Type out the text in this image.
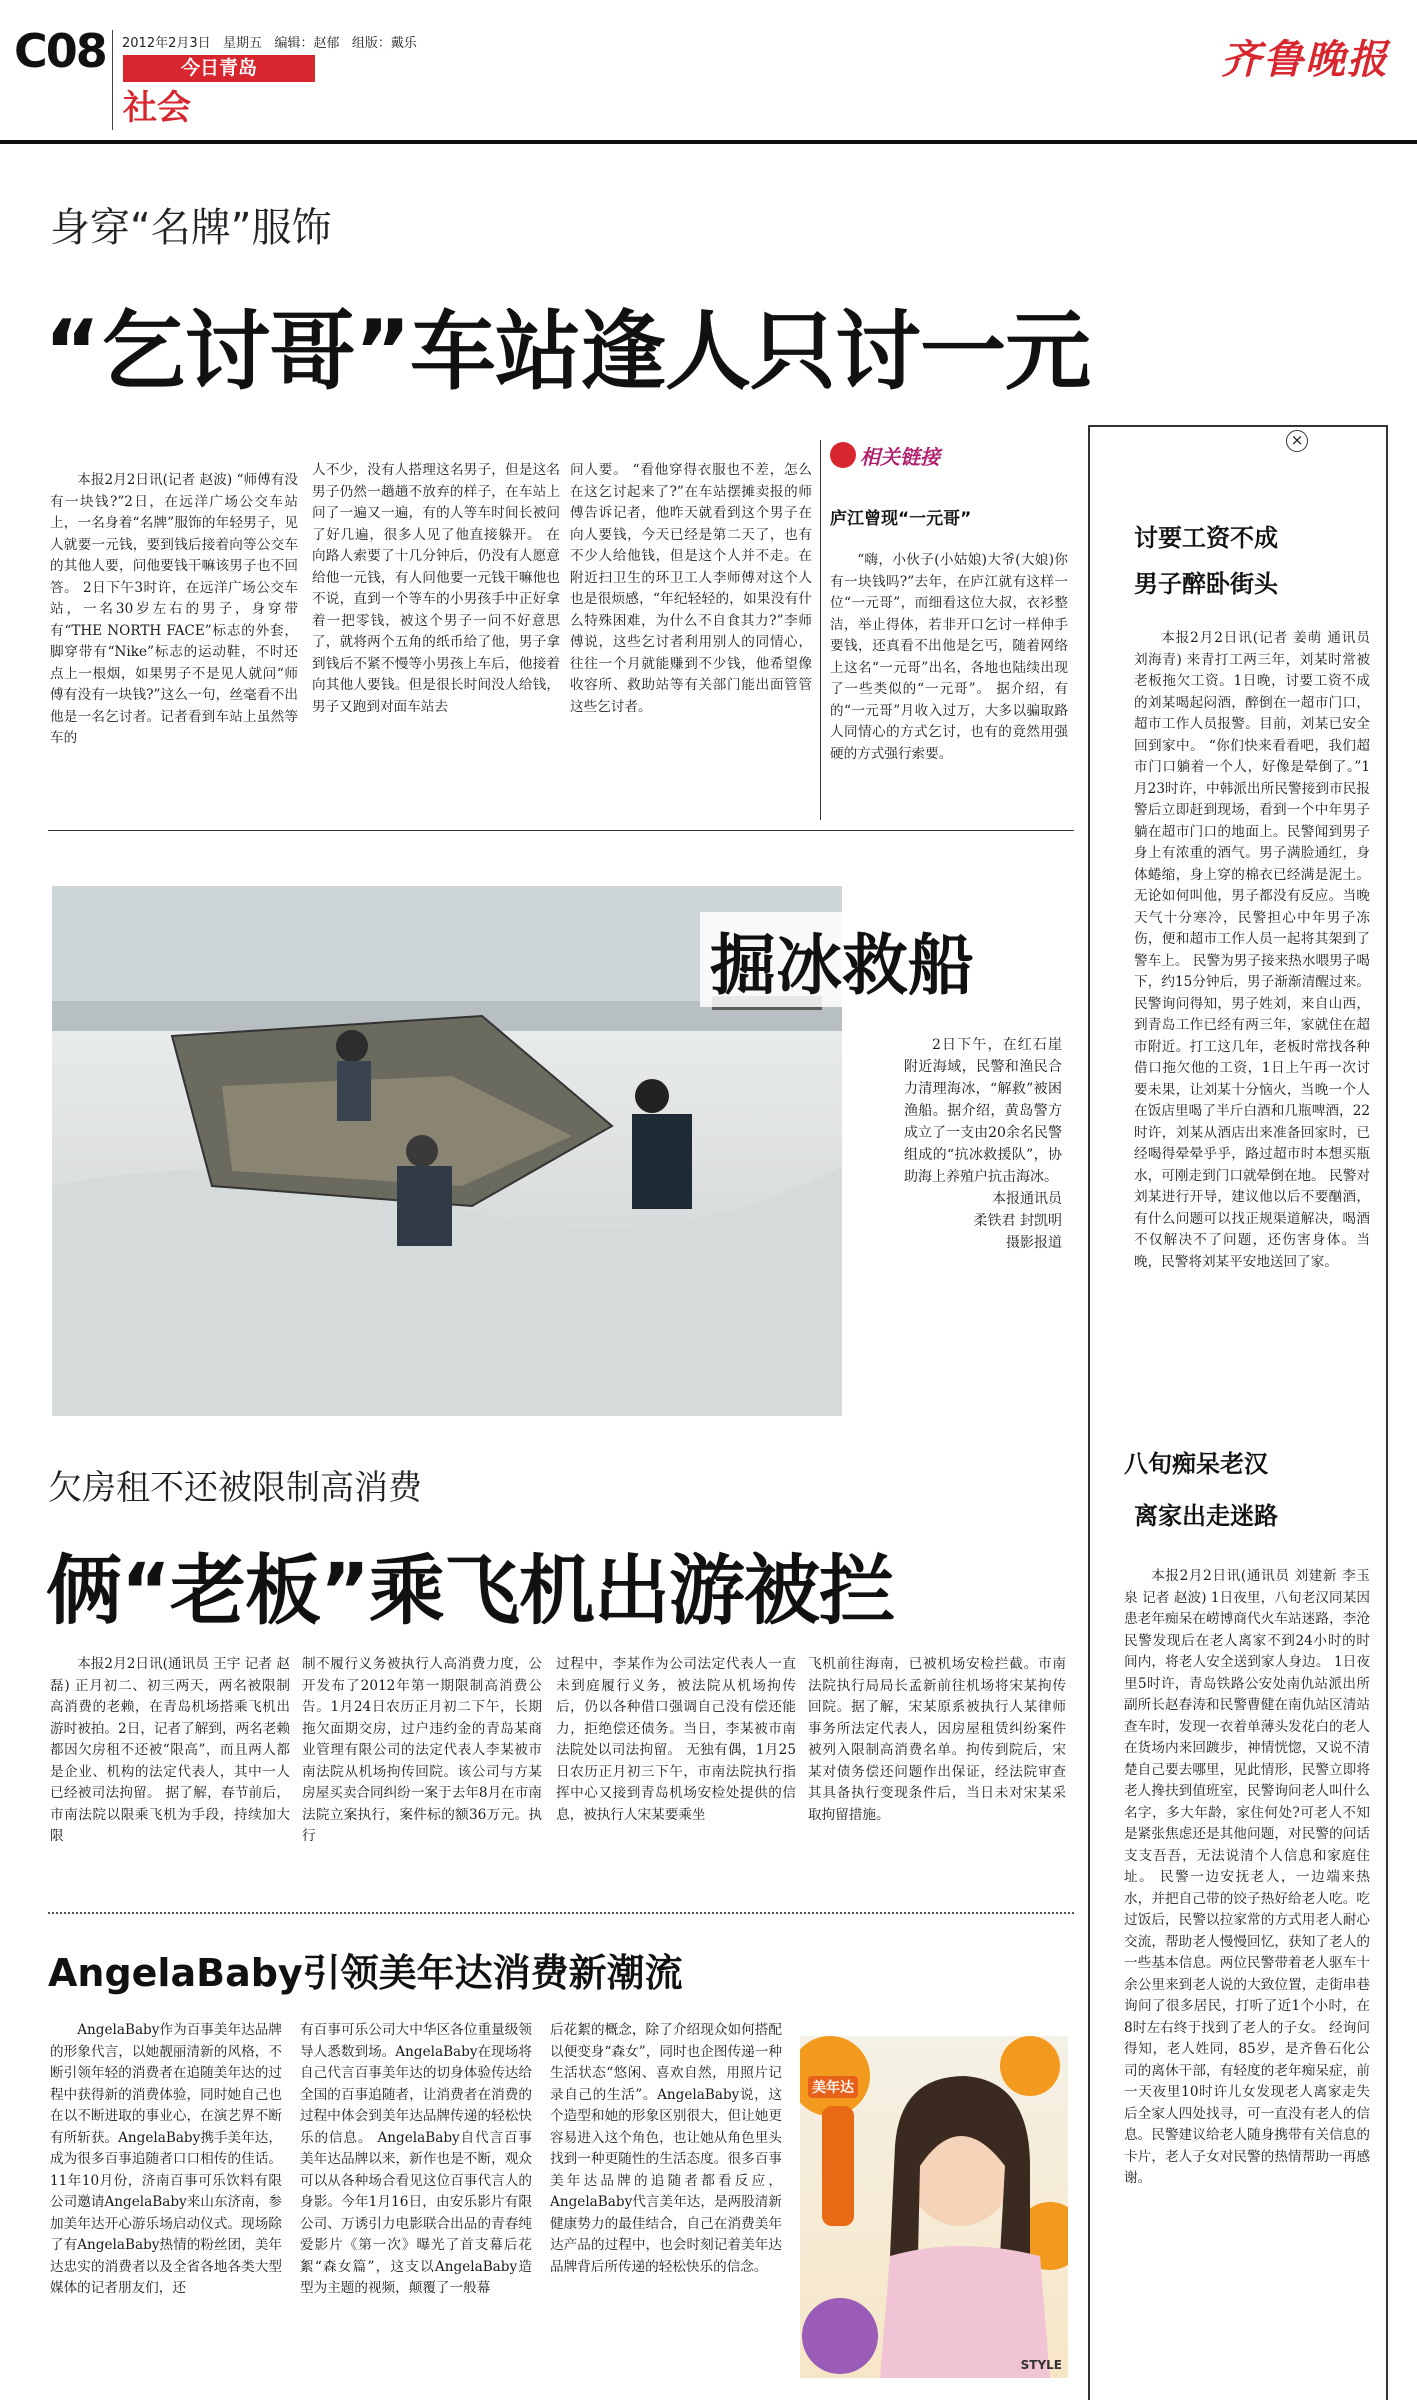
C08 2012年2月3日 星期五 编辑：赵郁 组版：戴乐
今日青岛
社会
齐鲁晚报
身穿“名牌”服饰
“乞讨哥”车站逢人只讨一元

本报2月2日讯(记者 赵波) “师傅有没有一块钱?”2日，在远洋广场公交车站上，一名身着“名牌”服饰的年轻男子，见人就要一元钱，要到钱后接着向等公交车的其他人要，问他要钱干嘛该男子也不回答。 2日下午3时许，在远洋广场公交车站，一名30岁左右的男子，身穿带有“THE NORTH FACE”标志的外套，脚穿带有“Nike”标志的运动鞋，不时还点上一根烟，如果男子不是见人就问“师傅有没有一块钱?”这么一句，丝毫看不出他是一名乞讨者。记者看到车站上虽然等车的

人不少，没有人搭理这名男子，但是这名男子仍然一趟趟不放弃的样子，在车站上问了一遍又一遍，有的人等车时间长被问了好几遍，很多人见了他直接躲开。 在向路人索要了十几分钟后，仍没有人愿意给他一元钱，有人问他要一元钱干嘛他也不说，直到一个等车的小男孩手中正好拿着一把零钱，被这个男子一问不好意思了，就将两个五角的纸币给了他，男子拿到钱后不紧不慢等小男孩上车后，他接着向其他人要钱。但是很长时间没人给钱，男子又跑到对面车站去

问人要。 “看他穿得衣服也不差，怎么在这乞讨起来了?”在车站摆摊卖报的师傅告诉记者，他昨天就看到这个男子在向人要钱，今天已经是第二天了，也有不少人给他钱，但是这个人并不走。在附近扫卫生的环卫工人李师傅对这个人也是很烦感，“年纪轻轻的，如果没有什么特殊困难，为什么不自食其力?”李师傅说，这些乞讨者利用别人的同情心，往往一个月就能赚到不少钱，他希望像收容所、救助站等有关部门能出面管管这些乞讨者。

相关链接
庐江曾现“一元哥”

“嗨，小伙子(小姑娘)大爷(大娘)你有一块钱吗?”去年，在庐江就有这样一位“一元哥”，而细看这位大叔，衣衫整洁，举止得体，若非开口乞讨一样伸手要钱，还真看不出他是乞丐，随着网络上这名“一元哥”出名，各地也陆续出现了一些类似的“一元哥”。 据介绍，有的“一元哥”月收入过万，大多以骗取路人同情心的方式乞讨，也有的竟然用强硬的方式强行索要。

掘冰救船

2日下午，在红石崖附近海域，民警和渔民合力清理海冰，“解救”被困渔船。据介绍，黄岛警方成立了一支由20余名民警组成的“抗冰救援队”，协助海上养殖户抗击海冰。

本报通讯员
柔铁君 封凯明
摄影报道
欠房租不还被限制高消费
俩“老板”乘飞机出游被拦

本报2月2日讯(通讯员 王宇 记者 赵磊) 正月初二、初三两天，两名被限制高消费的老赖，在青岛机场搭乘飞机出游时被拍。2日，记者了解到，两名老赖都因欠房租不还被“限高”，而且两人都是企业、机构的法定代表人，其中一人已经被司法拘留。 据了解，春节前后，市南法院以限乘飞机为手段，持续加大限

制不履行义务被执行人高消费力度，公开发布了2012年第一期限制高消费公告。1月24日农历正月初二下午，长期拖欠面期交房，过户违约金的青岛某商业管理有限公司的法定代表人李某被市南法院从机场拘传回院。该公司与方某房屋买卖合同纠纷一案于去年8月在市南法院立案执行，案件标的额36万元。执行

过程中，李某作为公司法定代表人一直未到庭履行义务，被法院从机场拘传后，仍以各种借口强调自己没有偿还能力，拒绝偿还债务。当日，李某被市南法院处以司法拘留。 无独有偶，1月25日农历正月初三下午，市南法院执行指挥中心又接到青岛机场安检处提供的信息，被执行人宋某要乘坐

飞机前往海南，已被机场安检拦截。市南法院执行局局长孟新前往机场将宋某拘传回院。据了解，宋某原系被执行人某律师事务所法定代表人，因房屋租赁纠纷案件被列入限制高消费名单。拘传到院后，宋某对债务偿还问题作出保证，经法院审查其具备执行变现条件后，当日未对宋某采取拘留措施。

AngelaBaby引领美年达消费新潮流

AngelaBaby作为百事美年达品牌的形象代言，以她靓丽清新的风格，不断引领年轻的消费者在追随美年达的过程中获得新的消费体验，同时她自己也在以不断进取的事业心，在演艺界不断有所斩获。AngelaBaby携手美年达，成为很多百事追随者口口相传的佳话。 11年10月份，济南百事可乐饮料有限公司邀请AngelaBaby来山东济南，参加美年达开心游乐场启动仪式。现场除了有AngelaBaby热情的粉丝团，美年达忠实的消费者以及全省各地各类大型媒体的记者朋友们，还

有百事可乐公司大中华区各位重量级领导人悉数到场。AngelaBaby在现场将自己代言百事美年达的切身体验传达给全国的百事追随者，让消费者在消费的过程中体会到美年达品牌传递的轻松快乐的信息。 AngelaBaby自代言百事美年达品牌以来，新作也是不断，观众可以从各种场合看见这位百事代言人的身影。今年1月16日，由安乐影片有限公司、万诱引力电影联合出品的青春纯爱影片《第一次》曝光了首支幕后花絮“森女篇”，这支以AngelaBaby造型为主题的视频，颠覆了一般幕

后花絮的概念，除了介绍现众如何搭配以便变身“森女”，同时也企图传递一种生活状态“悠闲、喜欢自然，用照片记录自己的生活”。AngelaBaby说，这个造型和她的形象区别很大，但让她更容易进入这个角色，也让她从角色里头找到一种更随性的生活态度。很多百事美年达品牌的追随者都看反应，AngelaBaby代言美年达，是两股清新健康势力的最佳结合，自己在消费美年达产品的过程中，也会时刻记着美年达品牌背后所传递的轻松快乐的信念。

美年达
STYLE
×
讨要工资不成
男子醉卧街头

本报2月2日讯(记者 姜萌 通讯员 刘海青) 来青打工两三年，刘某时常被老板拖欠工资。1日晚，讨要工资不成的刘某喝起闷酒，醉倒在一超市门口，超市工作人员报警。目前，刘某已安全回到家中。 “你们快来看看吧，我们超市门口躺着一个人，好像是晕倒了。”1月23时许，中韩派出所民警接到市民报警后立即赶到现场，看到一个中年男子躺在超市门口的地面上。民警闻到男子身上有浓重的酒气。男子满脸通红，身体蜷缩，身上穿的棉衣已经满是泥土。无论如何叫他，男子都没有反应。当晚天气十分寒冷，民警担心中年男子冻伤，便和超市工作人员一起将其架到了警车上。 民警为男子接来热水喂男子喝下，约15分钟后，男子渐渐清醒过来。民警询问得知，男子姓刘，来自山西，到青岛工作已经有两三年，家就住在超市附近。打工这几年，老板时常找各种借口拖欠他的工资，1日上午再一次讨要未果，让刘某十分恼火，当晚一个人在饭店里喝了半斤白酒和几瓶啤酒，22时许，刘某从酒店出来准备回家时，已经喝得晕晕乎乎，路过超市时本想买瓶水，可刚走到门口就晕倒在地。 民警对刘某进行开导，建议他以后不要酗酒，有什么问题可以找正规渠道解决，喝酒不仅解决不了问题，还伤害身体。当晚，民警将刘某平安地送回了家。

八旬痴呆老汉
离家出走迷路

本报2月2日讯(通讯员 刘建新 李玉泉 记者 赵波) 1日夜里，八旬老汉同某因患老年痴呆在崂博商代火车站迷路，李沧民警发现后在老人离家不到24小时的时间内，将老人安全送到家人身边。 1日夜里5时许，青岛铁路公安处南仇站派出所副所长赵春涛和民警曹健在南仇站区清站查车时，发现一衣着单薄头发花白的老人在货场内来回踱步，神情恍惚，又说不清楚自己要去哪里，见此情形，民警立即将老人搀扶到值班室，民警询问老人叫什么名字，多大年龄，家住何处?可老人不知是紧张焦虑还是其他问题，对民警的问话支支吾吾，无法说清个人信息和家庭住址。 民警一边安抚老人，一边端来热水，并把自己带的饺子热好给老人吃。吃过饭后，民警以拉家常的方式用老人耐心交流，帮助老人慢慢回忆，获知了老人的一些基本信息。两位民警带着老人驱车十余公里来到老人说的大致位置，走街串巷询问了很多居民，打听了近1个小时，在8时左右终于找到了老人的子女。 经询问得知，老人姓同，85岁，是齐鲁石化公司的离休干部，有轻度的老年痴呆症，前一天夜里10时许儿女发现老人离家走失后全家人四处找寻，可一直没有老人的信息。民警建议给老人随身携带有关信息的卡片，老人子女对民警的热情帮助一再感谢。
